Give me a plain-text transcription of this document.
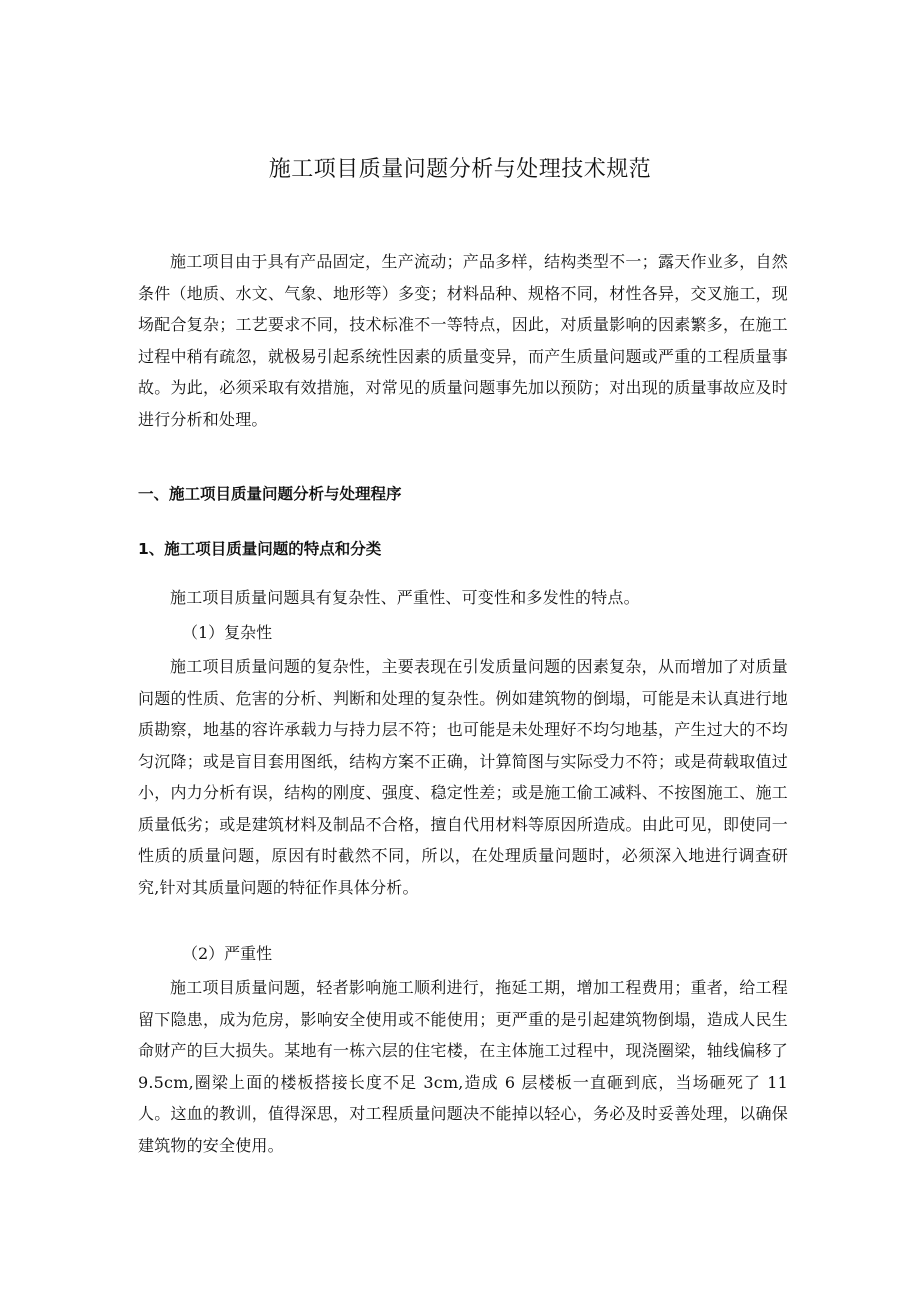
施工项目质量问题分析与处理技术规范

施工项目由于具有产品固定，生产流动；产品多样，结构类型不一；露天作业多，自然条件（地质、水文、气象、地形等）多变；材料品种、规格不同，材性各异，交叉施工，现场配合复杂；工艺要求不同，技术标准不一等特点，因此，对质量影响的因素繁多，在施工过程中稍有疏忽，就极易引起系统性因素的质量变异，而产生质量问题或严重的工程质量事故。为此，必须采取有效措施，对常见的质量问题事先加以预防；对出现的质量事故应及时进行分析和处理。

一、施工项目质量问题分析与处理程序
1、施工项目质量问题的特点和分类

施工项目质量问题具有复杂性、严重性、可变性和多发性的特点。

（1）复杂性

施工项目质量问题的复杂性，主要表现在引发质量问题的因素复杂，从而增加了对质量问题的性质、危害的分析、判断和处理的复杂性。例如建筑物的倒塌，可能是未认真进行地质勘察，地基的容许承载力与持力层不符；也可能是未处理好不均匀地基，产生过大的不均匀沉降；或是盲目套用图纸，结构方案不正确，计算简图与实际受力不符；或是荷载取值过小，内力分析有误，结构的刚度、强度、稳定性差；或是施工偷工减料、不按图施工、施工质量低劣；或是建筑材料及制品不合格，擅自代用材料等原因所造成。由此可见，即使同一性质的质量问题，原因有时截然不同，所以，在处理质量问题时，必须深入地进行调查研究,针对其质量问题的特征作具体分析。

（2）严重性

施工项目质量问题，轻者影响施工顺利进行，拖延工期，增加工程费用；重者，给工程留下隐患，成为危房，影响安全使用或不能使用；更严重的是引起建筑物倒塌，造成人民生命财产的巨大损失。某地有一栋六层的住宅楼，在主体施工过程中，现浇圈梁，轴线偏移了 9.5cm,圈梁上面的楼板搭接长度不足 3cm,造成 6 层楼板一直砸到底，当场砸死了 11 人。这血的教训，值得深思，对工程质量问题决不能掉以轻心，务必及时妥善处理，以确保建筑物的安全使用。
